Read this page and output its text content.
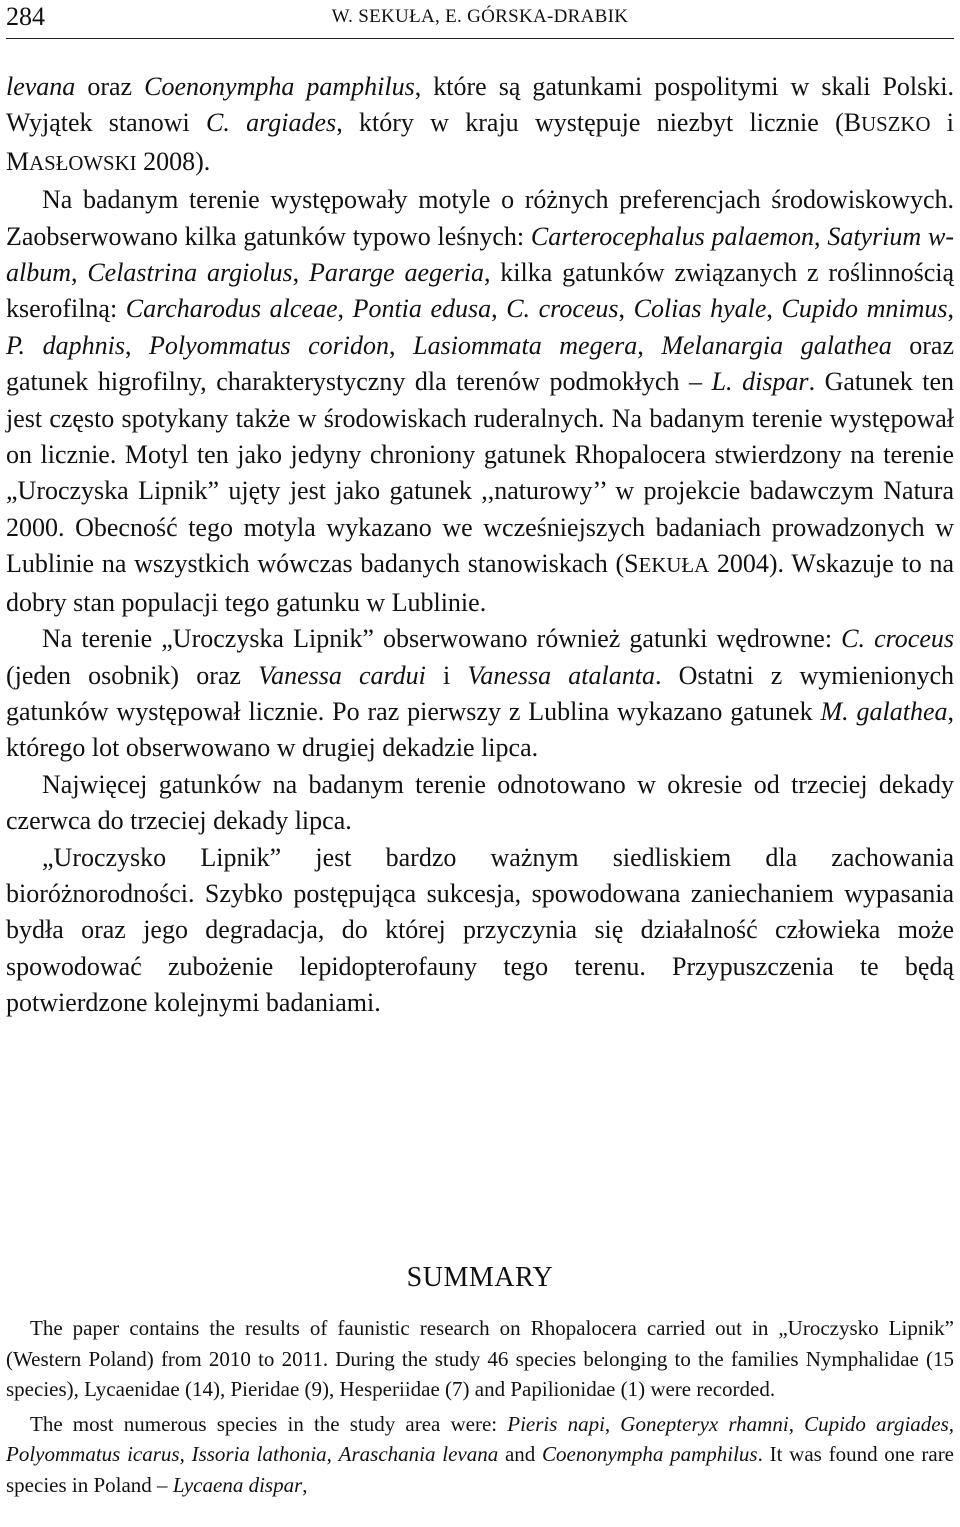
284	W. SEKUŁA, E. GÓRSKA-DRABIK

levana oraz Coenonympha pamphilus, które są gatunkami pospolitymi w skali Polski. Wyjątek stanowi C. argiades, który w kraju występuje niezbyt licznie (BUSZKO i MASŁOWSKI 2008).

Na badanym terenie występowały motyle o różnych preferencjach środowiskowych. Zaobserwowano kilka gatunków typowo leśnych: Carterocephalus palaemon, Satyrium w-album, Celastrina argiolus, Pararge aegeria, kilka gatunków związanych z roślinnością kserofilną: Carcharodus alceae, Pontia edusa, C. croceus, Colias hyale, Cupido mnimus, P. daphnis, Polyommatus coridon, Lasiommata megera, Melanargia galathea oraz gatunek higrofilny, charakterystyczny dla terenów podmokłych – L. dispar. Gatunek ten jest często spotykany także w środowiskach ruderalnych. Na badanym terenie występował on licznie. Motyl ten jako jedyny chroniony gatunek Rhopalocera stwierdzony na terenie „Uroczyska Lipnik” ujęty jest jako gatunek ,,naturowy’’ w projekcie badawczym Natura 2000. Obecność tego motyla wykazano we wcześniejszych badaniach prowadzonych w Lublinie na wszystkich wówczas badanych stanowiskach (SEKUŁA 2004). Wskazuje to na dobry stan populacji tego gatunku w Lublinie.

Na terenie „Uroczyska Lipnik” obserwowano również gatunki wędrowne: C. croceus (jeden osobnik) oraz Vanessa cardui i Vanessa atalanta. Ostatni z wymienionych gatunków występował licznie. Po raz pierwszy z Lublina wykazano gatunek M. galathea, którego lot obserwowano w drugiej dekadzie lipca.

Najwięcej gatunków na badanym terenie odnotowano w okresie od trzeciej dekady czerwca do trzeciej dekady lipca.

„Uroczysko Lipnik” jest bardzo ważnym siedliskiem dla zachowania bioróżnorodności. Szybko postępująca sukcesja, spowodowana zaniechaniem wypasania bydła oraz jego degradacja, do której przyczynia się działalność człowieka może spowodować zubożenie lepidopterofauny tego terenu. Przypuszczenia te będą potwierdzone kolejnymi badaniami.

SUMMARY

The paper contains the results of faunistic research on Rhopalocera carried out in „Uroczysko Lipnik” (Western Poland) from 2010 to 2011. During the study 46 species belonging to the families Nymphalidae (15 species), Lycaenidae (14), Pieridae (9), Hesperiidae (7) and Papilionidae (1) were recorded.

The most numerous species in the study area were: Pieris napi, Gonepteryx rhamni, Cupido argiades, Polyommatus icarus, Issoria lathonia, Araschania levana and Coenonympha pamphilus. It was found one rare species in Poland – Lycaena dispar,
